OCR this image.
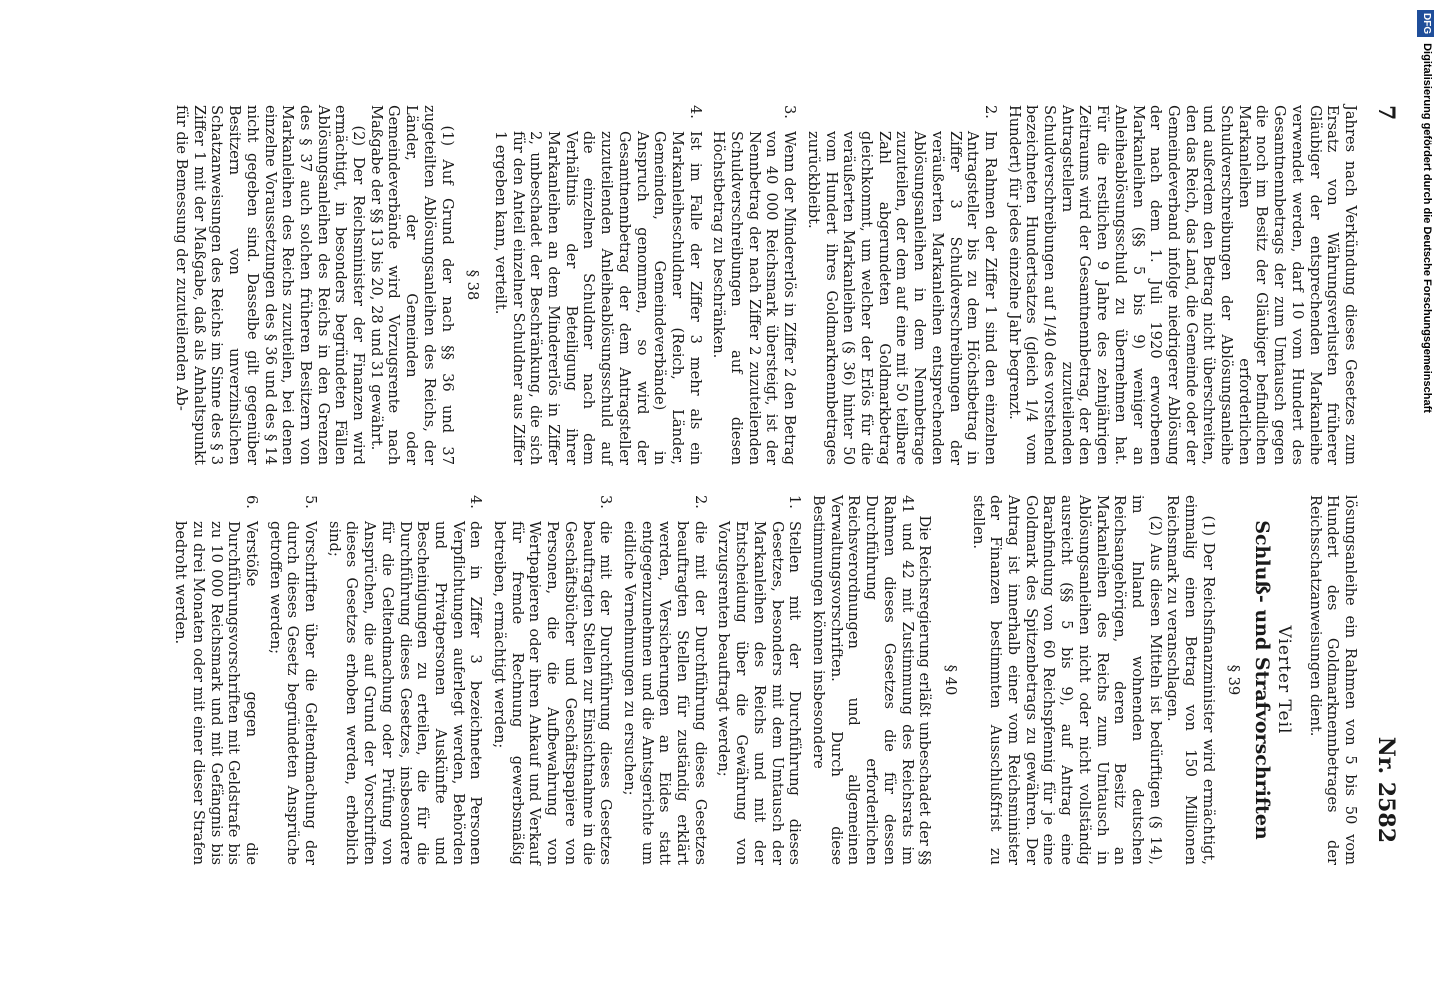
7
Nr. 2582

Jahres nach Verkündung dieses Gesetzes zum Ersatz von Währungsverlusten früherer Gläubiger der entsprechenden Markanleihe verwendet werden, darf 10 vom Hundert des Gesamtnennbetrags der zum Umtausch gegen die noch im Besitz der Gläubiger befindlichen Markanleihen erforderlichen Schuldverschreibungen der Ablösungsanleihe und außerdem den Betrag nicht überschreiten, den das Reich, das Land, die Gemeinde oder der Gemeindeverband infolge niedrigerer Ablösung der nach dem 1. Juli 1920 erworbenen Markanleihen (§§ 5 bis 9) weniger an Anleiheablösungsschuld zu übernehmen hat. Für die restlichen 9 Jahre des zehnjährigen Zeitraums wird der Gesamtnennbetrag, der den Antragstellern zuzuteilenden Schuldverschreibungen auf 1/40 des vorstehend bezeichneten Hundertsatzes (gleich 1/4 vom Hundert) für jedes einzelne Jahr begrenzt.

2.
Im Rahmen der Ziffer 1 sind den einzelnen Antragsteller bis zu dem Höchstbetrag in Ziffer 3 Schuldverschreibungen der veräußerten Markanleihen entsprechenden Ablösungsanleihen in dem Nennbetrage zuzuteilen, der dem auf eine mit 50 teilbare Zahl abgerundeten Goldmarkbetrag gleichkommt, um welcher der Erlös für die veräußerten Markanleihen (§ 36) hinter 50 vom Hundert ihres Goldmarknennbetrages zurückbleibt.
3.
Wenn der Mindererlös in Ziffer 2 den Betrag von 40 000 Reichsmark übersteigt, ist der Nennbetrag der nach Ziffer 2 zuzuteilenden Schuldverschreibungen auf diesen Höchstbetrag zu beschränken.
4.
Ist im Falle der Ziffer 3 mehr als ein Markanleiheschuldner (Reich, Länder, Gemeinden, Gemeindeverbände) in Anspruch genommen, so wird der Gesamtnennbetrag der dem Antragsteller zuzuteilenden Anleiheablösungsschuld auf die einzelnen Schuldner nach dem Verhältnis der Beteiligung ihrer Markanleihen an dem Mindererlös in Ziffer 2, unbeschadet der Beschränkung, die sich für den Anteil einzelner Schuldner aus Ziffer 1 ergeben kann, verteilt.

§ 38

(1) Auf Grund der nach §§ 36 und 37 zugeteilten Ablösungsanleihen des Reichs, der Länder, der Gemeinden oder Gemeindeverbände wird Vorzugsrente nach Maßgabe der §§ 13 bis 20, 28 und 31 gewährt.

(2) Der Reichsminister der Finanzen wird ermächtigt, in besonders begründeten Fällen Ablösungsanleihen des Reichs in den Grenzen des § 37 auch solchen früheren Besitzern von Markanleihen des Reichs zuzuteilen, bei denen einzelne Voraussetzungen des § 36 und des § 14 nicht gegeben sind. Dasselbe gilt gegenüber Besitzern von unverzinslichen Schatzanweisungen des Reichs im Sinne des § 3 Ziffer 1 mit der Maßgabe, daß als Anhaltspunkt für die Bemessung der zuzuteilenden Ab-

lösungsanleihe ein Rahmen von 5 bis 50 vom Hundert des Goldmarknennbetrages der Reichsschatzanweisungen dient.

Vierter Teil

Schluß- und Strafvorschriften

§ 39

(1) Der Reichsfinanzminister wird ermächtigt, einmalig einen Betrag von 150 Millionen Reichsmark zu veranschlagen.

(2) Aus diesen Mitteln ist bedürftigen (§ 14), im Inland wohnenden deutschen Reichsangehörigen, deren Besitz an Markanleihen des Reichs zum Umtausch in Ablösungsanleihen nicht oder nicht vollständig ausreicht (§§ 5 bis 9), auf Antrag eine Barabfindung von 60 Reichspfennig für je eine Goldmark des Spitzenbetrags zu gewähren. Der Antrag ist innerhalb einer vom Reichsminister der Finanzen bestimmten Ausschlußfrist zu stellen.

§ 40

Die Reichsregierung erläßt unbeschadet der §§ 41 und 42 mit Zustimmung des Reichsrats im Rahmen dieses Gesetzes die für dessen Durchführung erforderlichen Reichsverordnungen und allgemeinen Verwaltungsvorschriften. Durch diese Bestimmungen können insbesondere

1.
Stellen mit der Durchführung dieses Gesetzes, besonders mit dem Umtausch der Markanleihen des Reichs und mit der Entscheidung über die Gewährung von Vorzugsrenten beauftragt werden;
2.
die mit der Durchführung dieses Gesetzes beauftragten Stellen für zuständig erklärt werden, Versicherungen an Eides statt entgegenzunehmen und die Amtsgerichte um eidliche Vernehmungen zu ersuchen;
3.
die mit der Durchführung dieses Gesetzes beauftragten Stellen zur Einsichtnahme in die Geschäftsbücher und Geschäftspapiere von Personen, die die Aufbewahrung von Wertpapieren oder ihren Ankauf und Verkauf für fremde Rechnung gewerbsmäßig betreiben, ermächtigt werden;
4.
den in Ziffer 3 bezeichneten Personen Verpflichtungen auferlegt werden, Behörden und Privatpersonen Auskünfte und Bescheinigungen zu erteilen, die für die Durchführung dieses Gesetzes, insbesondere für die Geltendmachung oder Prüfung von Ansprüchen, die auf Grund der Vorschriften dieses Gesetzes erhoben werden, erheblich sind;
5.
Vorschriften über die Geltendmachung der durch dieses Gesetz begründeten Ansprüche getroffen werden;
6.
Verstöße gegen die Durchführungsvorschriften mit Geldstrafe bis zu 10 000 Reichsmark und mit Gefängnis bis zu drei Monaten oder mit einer dieser Strafen bedroht werden.
DFGDigitalisierung gefördert durch die Deutsche Forschungsgemeinschaft
